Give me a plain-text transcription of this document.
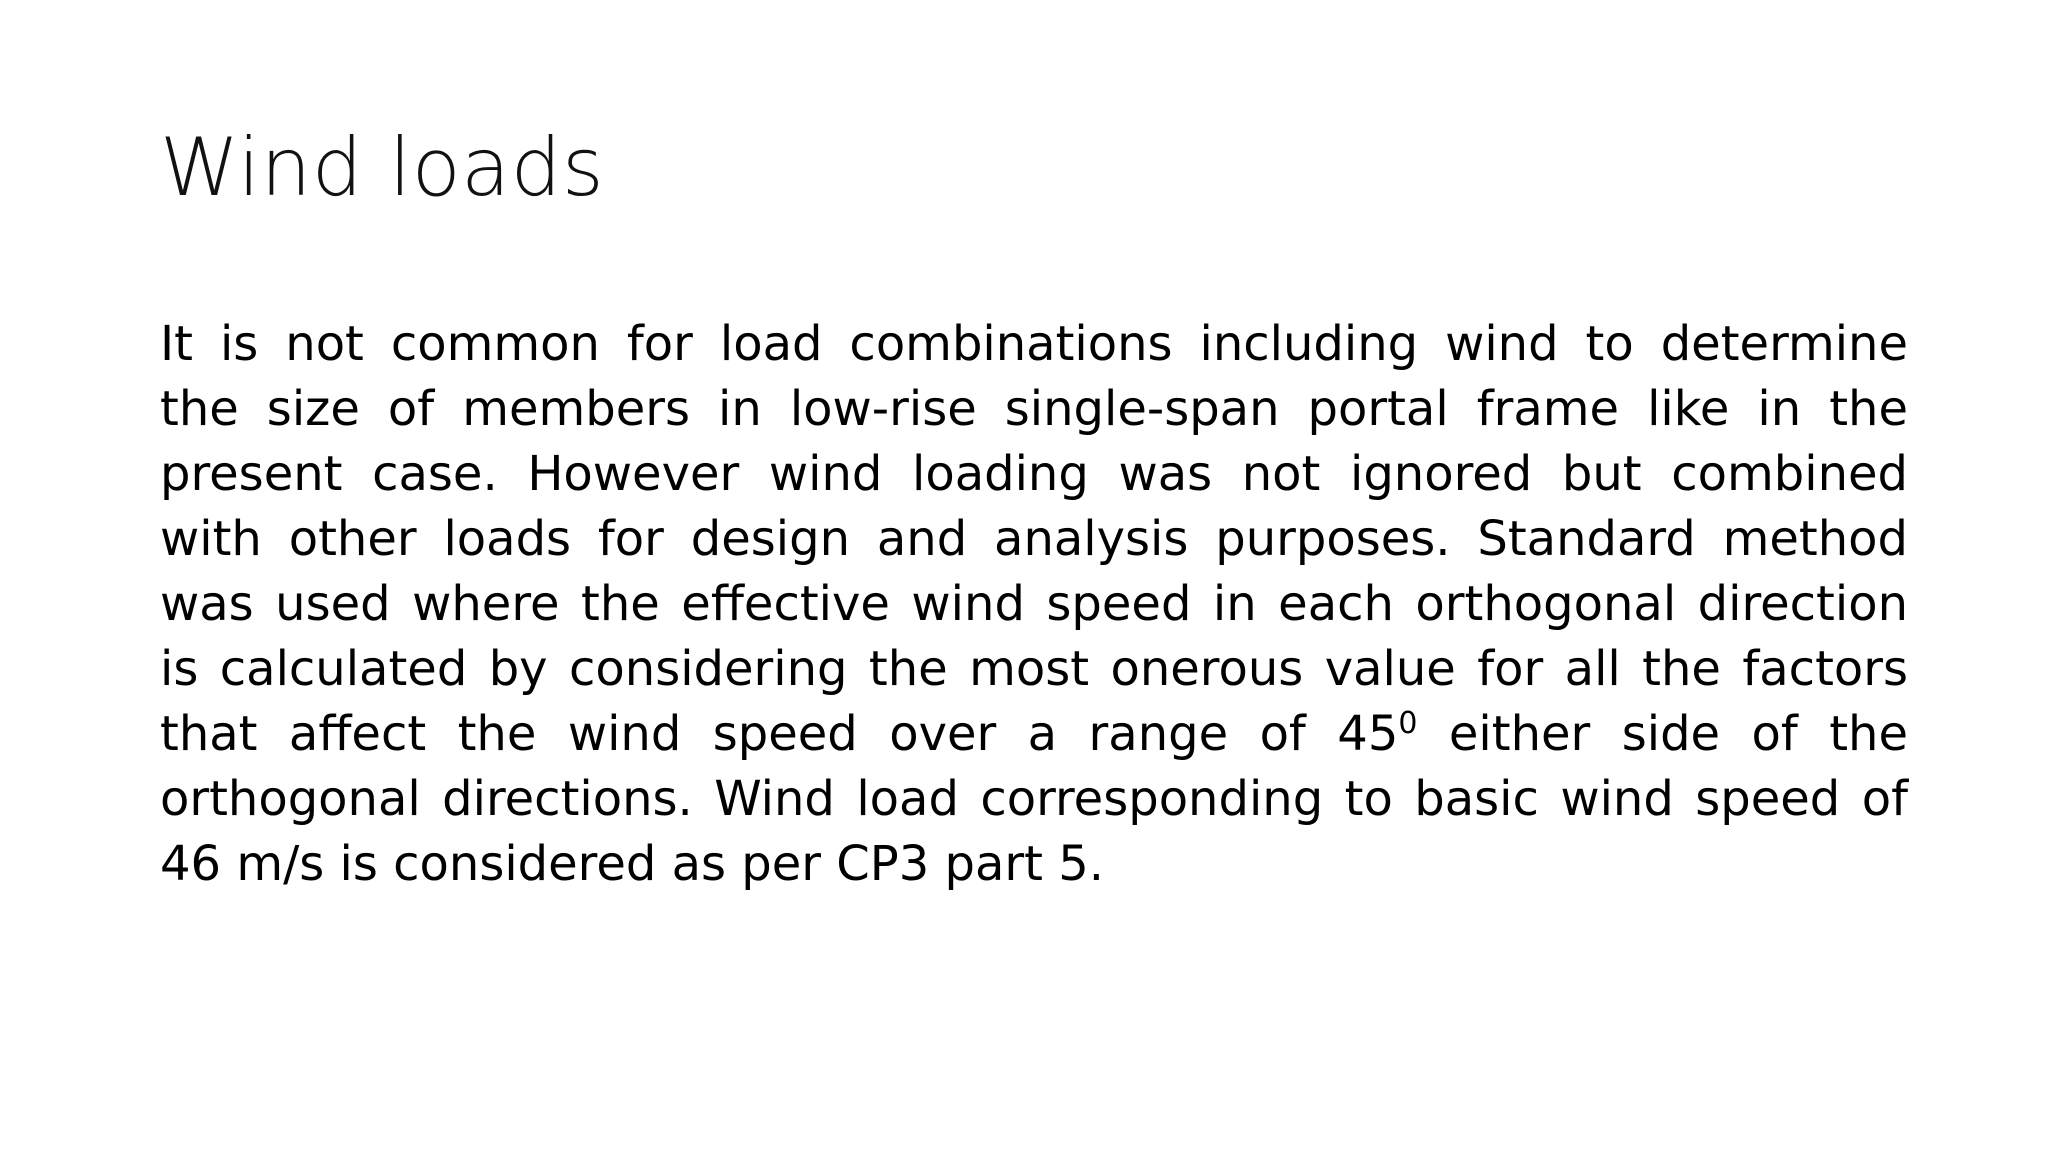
Wind loads
It is not common for load combinations including wind to determine
the size of members in low-rise single-span portal frame like in the
present case. However wind loading was not ignored but combined
with other loads for design and analysis purposes. Standard method
was used where the effective wind speed in each orthogonal direction
is calculated by considering the most onerous value for all the factors
that affect the wind speed over a range of $45^0$ either side of the
orthogonal directions. Wind load corresponding to basic wind speed of
46 m/s is considered as per CP3 part 5.
